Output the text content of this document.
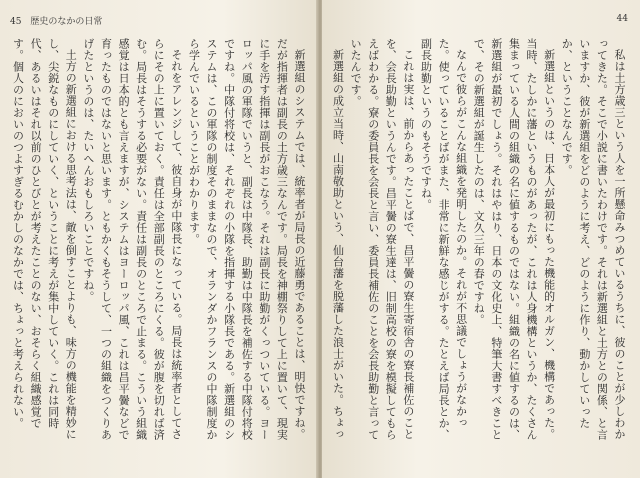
45 歴史のなかの日常

新選組のシステムでは、統率者が局長の近藤勇であることは、明快ですね。だが指揮者は副長の土方歳三なんです。局長を神棚祭りして上に置いて、現実に手を汚す指揮は副長がおこなう。それは副長に助勤がくっついている。ヨーロッパ風の軍隊でいうと、副長は中隊長、助勤は中隊長を補佐する中隊付将校ですね。中隊付将校は、それぞれの小隊を指揮する小隊長である。新選組のシステムは、この軍隊の制度そのままなので、オランダかフランスの中隊制度から学んでいるということがわかります。

それをアレンジして、彼自身が中隊長になっている。局長は統率者としてさらにその上に置いておく。責任は全部副長のところにくる。彼が腹を切れば済む。局長はそうする必要がない。責任は副長のところで止まる。こういう組織感覚は日本的とも言えますが、システムはヨーロッパ風、これは昌平黌などで育ったものではないと思います。ともかくもそうして、一つの組織をつくりあげたというのは、たいへんおもしろいことですね。

土方の新選組における思考法は、敵を倒すことよりも、味方の機能を精妙にし、尖鋭なものにしていく、ということに考えが集中していく。これは同時代、あるいはそれ以前のひとびとが考えたことのない、おそらく組織感覚です。個人のにおいのつよすぎるむかしのなかでは、ちょっと考えられない。

44

私は土方歳三という人を一所懸命みつめているうちに、彼のことが少しわかってきた。そこで小説に書いたわけです。それは新選組と土方との関係、と言いますか、彼が新選組をどのように考え、どのように作り、動かしていったか、ということなんです。

新選組というのは、日本人が最初にもった機能的オルガン、機構であった。当時、たしかに藩というものがあったが、これは人身機構というか、たくさん集まっている人間の組織の名に値するものではない。組織の名に値するのは、新選組が最初でしょう。それはやはり、日本の文化史上、特筆大書すべきことで、その新選組が誕生したのは、文久三年の春ですね。

なんで彼らがこんな組織を発明したのか。それが不思議でしょうがなかった。使っていることばがまた、非常に新鮮な感じがする。たとえば局長とか、副長助勤というのもそうですね。

これは実は、前からあったことばで、昌平黌の寮生寄宿舎の寮長補佐のことを、会長助勤というんです。昌平黌の寮生達は、旧制高校の寮を模擬してもらえばわかる。寮の委員長を会長と言い、委員長補佐のことを会長助勤と言っていたんです。

新選組の成立当時、山南敬助という、仙台藩を脱藩した浪士がいた。ちょっ
